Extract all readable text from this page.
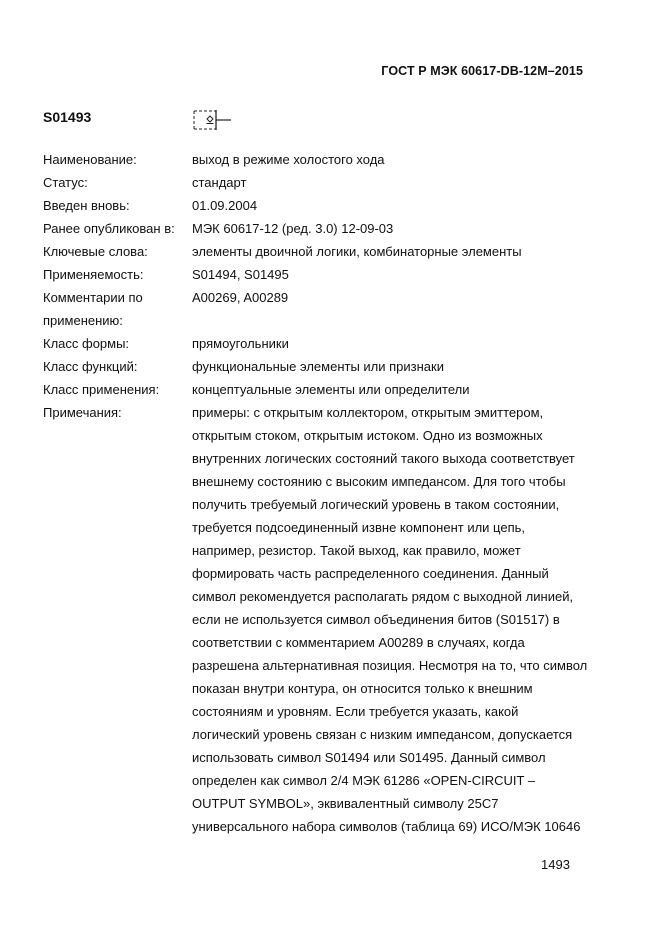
ГОСТ Р МЭК 60617-DB-12M–2015
S01493
Наименование:	выход в режиме холостого хода
Статус:	стандарт
Введен вновь:	01.09.2004
Ранее опубликован в:	МЭК 60617-12 (ред. 3.0) 12-09-03
Ключевые слова:	элементы двоичной логики, комбинаторные элементы
Применяемость:	S01494, S01495
Комментарии по	A00269, A00289
применению:
Класс формы:	прямоугольники
Класс функций:	функциональные элементы или признаки
Класс применения:	концептуальные элементы или определители
Примечания:	примеры: с открытым коллектором, открытым эмиттером,
открытым стоком, открытым истоком. Одно из возможных
внутренних логических состояний такого выхода соответствует
внешнему состоянию с высоким импедансом. Для того чтобы
получить требуемый логический уровень в таком состоянии,
требуется подсоединенный извне компонент или цепь,
например, резистор. Такой выход, как правило, может
формировать часть распределенного соединения. Данный
символ рекомендуется располагать рядом с выходной линией,
если не используется символ объединения битов (S01517) в
соответствии с комментарием A00289 в случаях, когда
разрешена альтернативная позиция. Несмотря на то, что символ
показан внутри контура, он относится только к внешним
состояниям и уровням. Если требуется указать, какой
логический уровень связан с низким импедансом, допускается
использовать символ S01494 или S01495. Данный символ
определен как символ 2/4 МЭК 61286 «OPEN-CIRCUIT –
OUTPUT SYMBOL», эквивалентный символу 25C7
универсального набора символов (таблица 69) ИСО/МЭК 10646
1493
